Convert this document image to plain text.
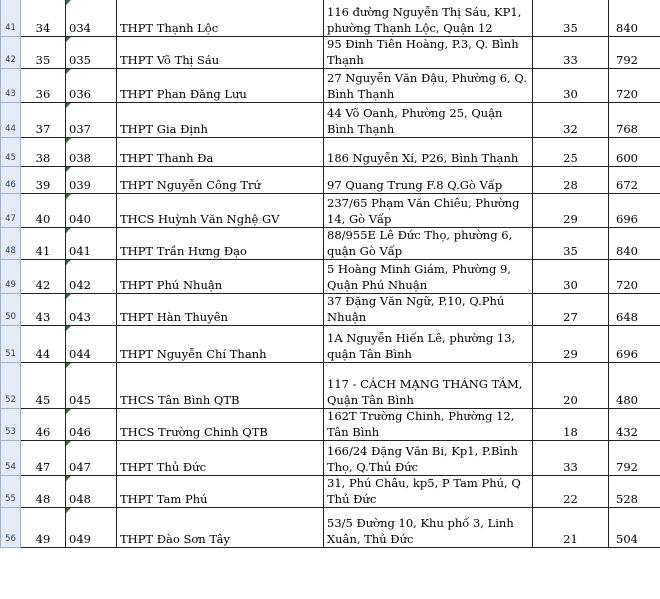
41	34	034	THPT Thạnh Lộc	116 đường Nguyễn Thị Sáu, KP1, phường Thạnh Lộc, Quận 12	35	840
42	35	035	THPT Võ Thị Sáu	95 Đinh Tiên Hoàng, P.3, Q. Bình Thạnh	33	792
43	36	036	THPT Phan Đăng Lưu	27 Nguyễn Văn Đậu, Phường 6, Q. Bình Thạnh	30	720
44	37	037	THPT Gia Định	44 Võ Oanh, Phường 25, Quận Bình Thạnh	32	768
45	38	038	THPT Thanh Đa	186 Nguyễn Xí, P26, Bình Thạnh	25	600
46	39	039	THPT Nguyễn Công Trứ	97 Quang Trung F.8 Q.Gò Vấp	28	672
47	40	040	THCS Huỳnh Văn Nghệ GV	237/65 Phạm Văn Chiêu, Phường 14, Gò Vấp	29	696
48	41	041	THPT Trần Hưng Đạo	88/955E Lê Đức Thọ, phường 6, quận Gò Vấp	35	840
49	42	042	THPT Phú Nhuận	5 Hoàng Minh Giám, Phường 9, Quận Phú Nhuận	30	720
50	43	043	THPT Hàn Thuyên	37 Đặng Văn Ngữ, P.10, Q.Phú Nhuận	27	648
51	44	044	THPT Nguyễn Chí Thanh	1A Nguyễn Hiến Lê, phường 13, quận Tân Bình	29	696
52	45	045	THCS Tân Bình QTB	117 - CÁCH MẠNG THÁNG TÁM, Quận Tân Bình	20	480
53	46	046	THCS Trường Chinh QTB	162T Trường Chinh, Phường 12, Tân Bình	18	432
54	47	047	THPT Thủ Đức	166/24 Đặng Văn Bi, Kp1, P.Bình Thọ, Q.Thủ Đức	33	792
55	48	048	THPT Tam Phú	31, Phú Châu, kp5, P Tam Phú, Q Thủ Đức	22	528
56	49	049	THPT Đào Sơn Tây	53/5 Đường 10, Khu phố 3, Linh Xuân, Thủ Đức	21	504
